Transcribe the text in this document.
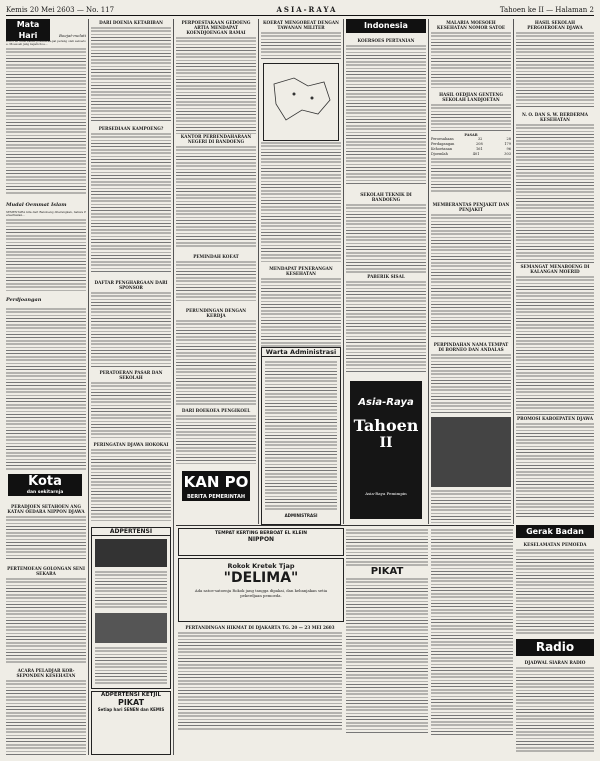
Kemis 20 Mei 2603 — No. 117	ASIA-RAYA	Tahoen ke II — Halaman 2
Mata Hari	Boejat-melati
HARI ini diberitakan poenka-ka-pal perang oleh sekoetoe. Moesoeh jang kejam itoe...
Mudal Oemmat Islam
SEMENTARA kita dari Bandoeng diterangkan, bahwa Perserikatan...
Perdjoangan
Kota
dan sekitarnja
PERADJOEN SETAHOEN ANG KATAN OEDARA NIPPON DJAWA
PERTEMOEAN GOLONGAN SENI SEKARA
ACARA PELADJAR KOR-SEPONDEN KESEHATAN
DARI DOENIA KETABIBAN
PERSEDIAAN KAMPOENG?
DAFTAR PENGHARGAAN DARI SPONSOR
PERATOERAN PASAR DAN SEKOLAH
PERINGATAN DJAWA HOKOKAI
ADPERTENSI
ADPERTENSI KETJIL
PIKAT
Setiap hari SENEN dan KEMIS
PERPOESTAKAAN GEDOENG ARTIA MENDAPAT KOENDJOENGAN RAMAI
KANTOR PERBENDAHARAAN NEGERI DI BANDOENG
PEMINDAH KOEAT
PERUNDINGAN DENGAN KERDJA
DARI BOEKOEA PENGIKOEL
KAN PO
BERITA PEMERINTAH
KOERAT MENGOBEAT DENGAN TAWANAN MILITER
MENDAPAT PENERANGAN KESEHATAN
Warta Administrasi
ADMINISTRASI
Indonesia
KOERSOES PERTANIAN
SEKOLAH TEKNIK DI BANDOENG
PABERIK SISAL
Asia-Raya
Tahoen
II
Asia-Raya Pemimpin
MALARIA MOESOEH KESEHATAN NOMOR SATOE
HASIL OEDJIAN GENTENG SEKOLAH LANDJOETAN
PASAR
Peroesahaan	32	28
Perdagangan	208	179
Kehoetanan	161	96
Djoemlah	401	303
MEMBERANTAS PENJAKIT DAN PENJAKIT
PERPINDAHAN NAMA TEMPAT DI BORNEO DAN ANDALAS
HASIL SEKOLAH PERGOEROEAN DJAWA
N. O. DAN S. W. BERDERMA KESEHATAN
SEMANGAT MENABOENG DI KALANGAN MOERID
PROMOSI KABOEPATEN DJAWA
Gerak Badan
KESELAMATAN PEMOEDA
Radio
DJADWAL SIARAN RADIO
TEMPAT KERTING BERBOAT EL KLEIN
NIPPON
Rokok Kretek Tjap
"DELIMA"
Ada satoe-satoenja Rokok jang tangga dipakai, dan kebanjakan setia pekerdjaan pemoeda.
PERTANDINGAN HIKMAT DI DJAKARTA TG. 20 — 23 MEI 2603
PIKAT
